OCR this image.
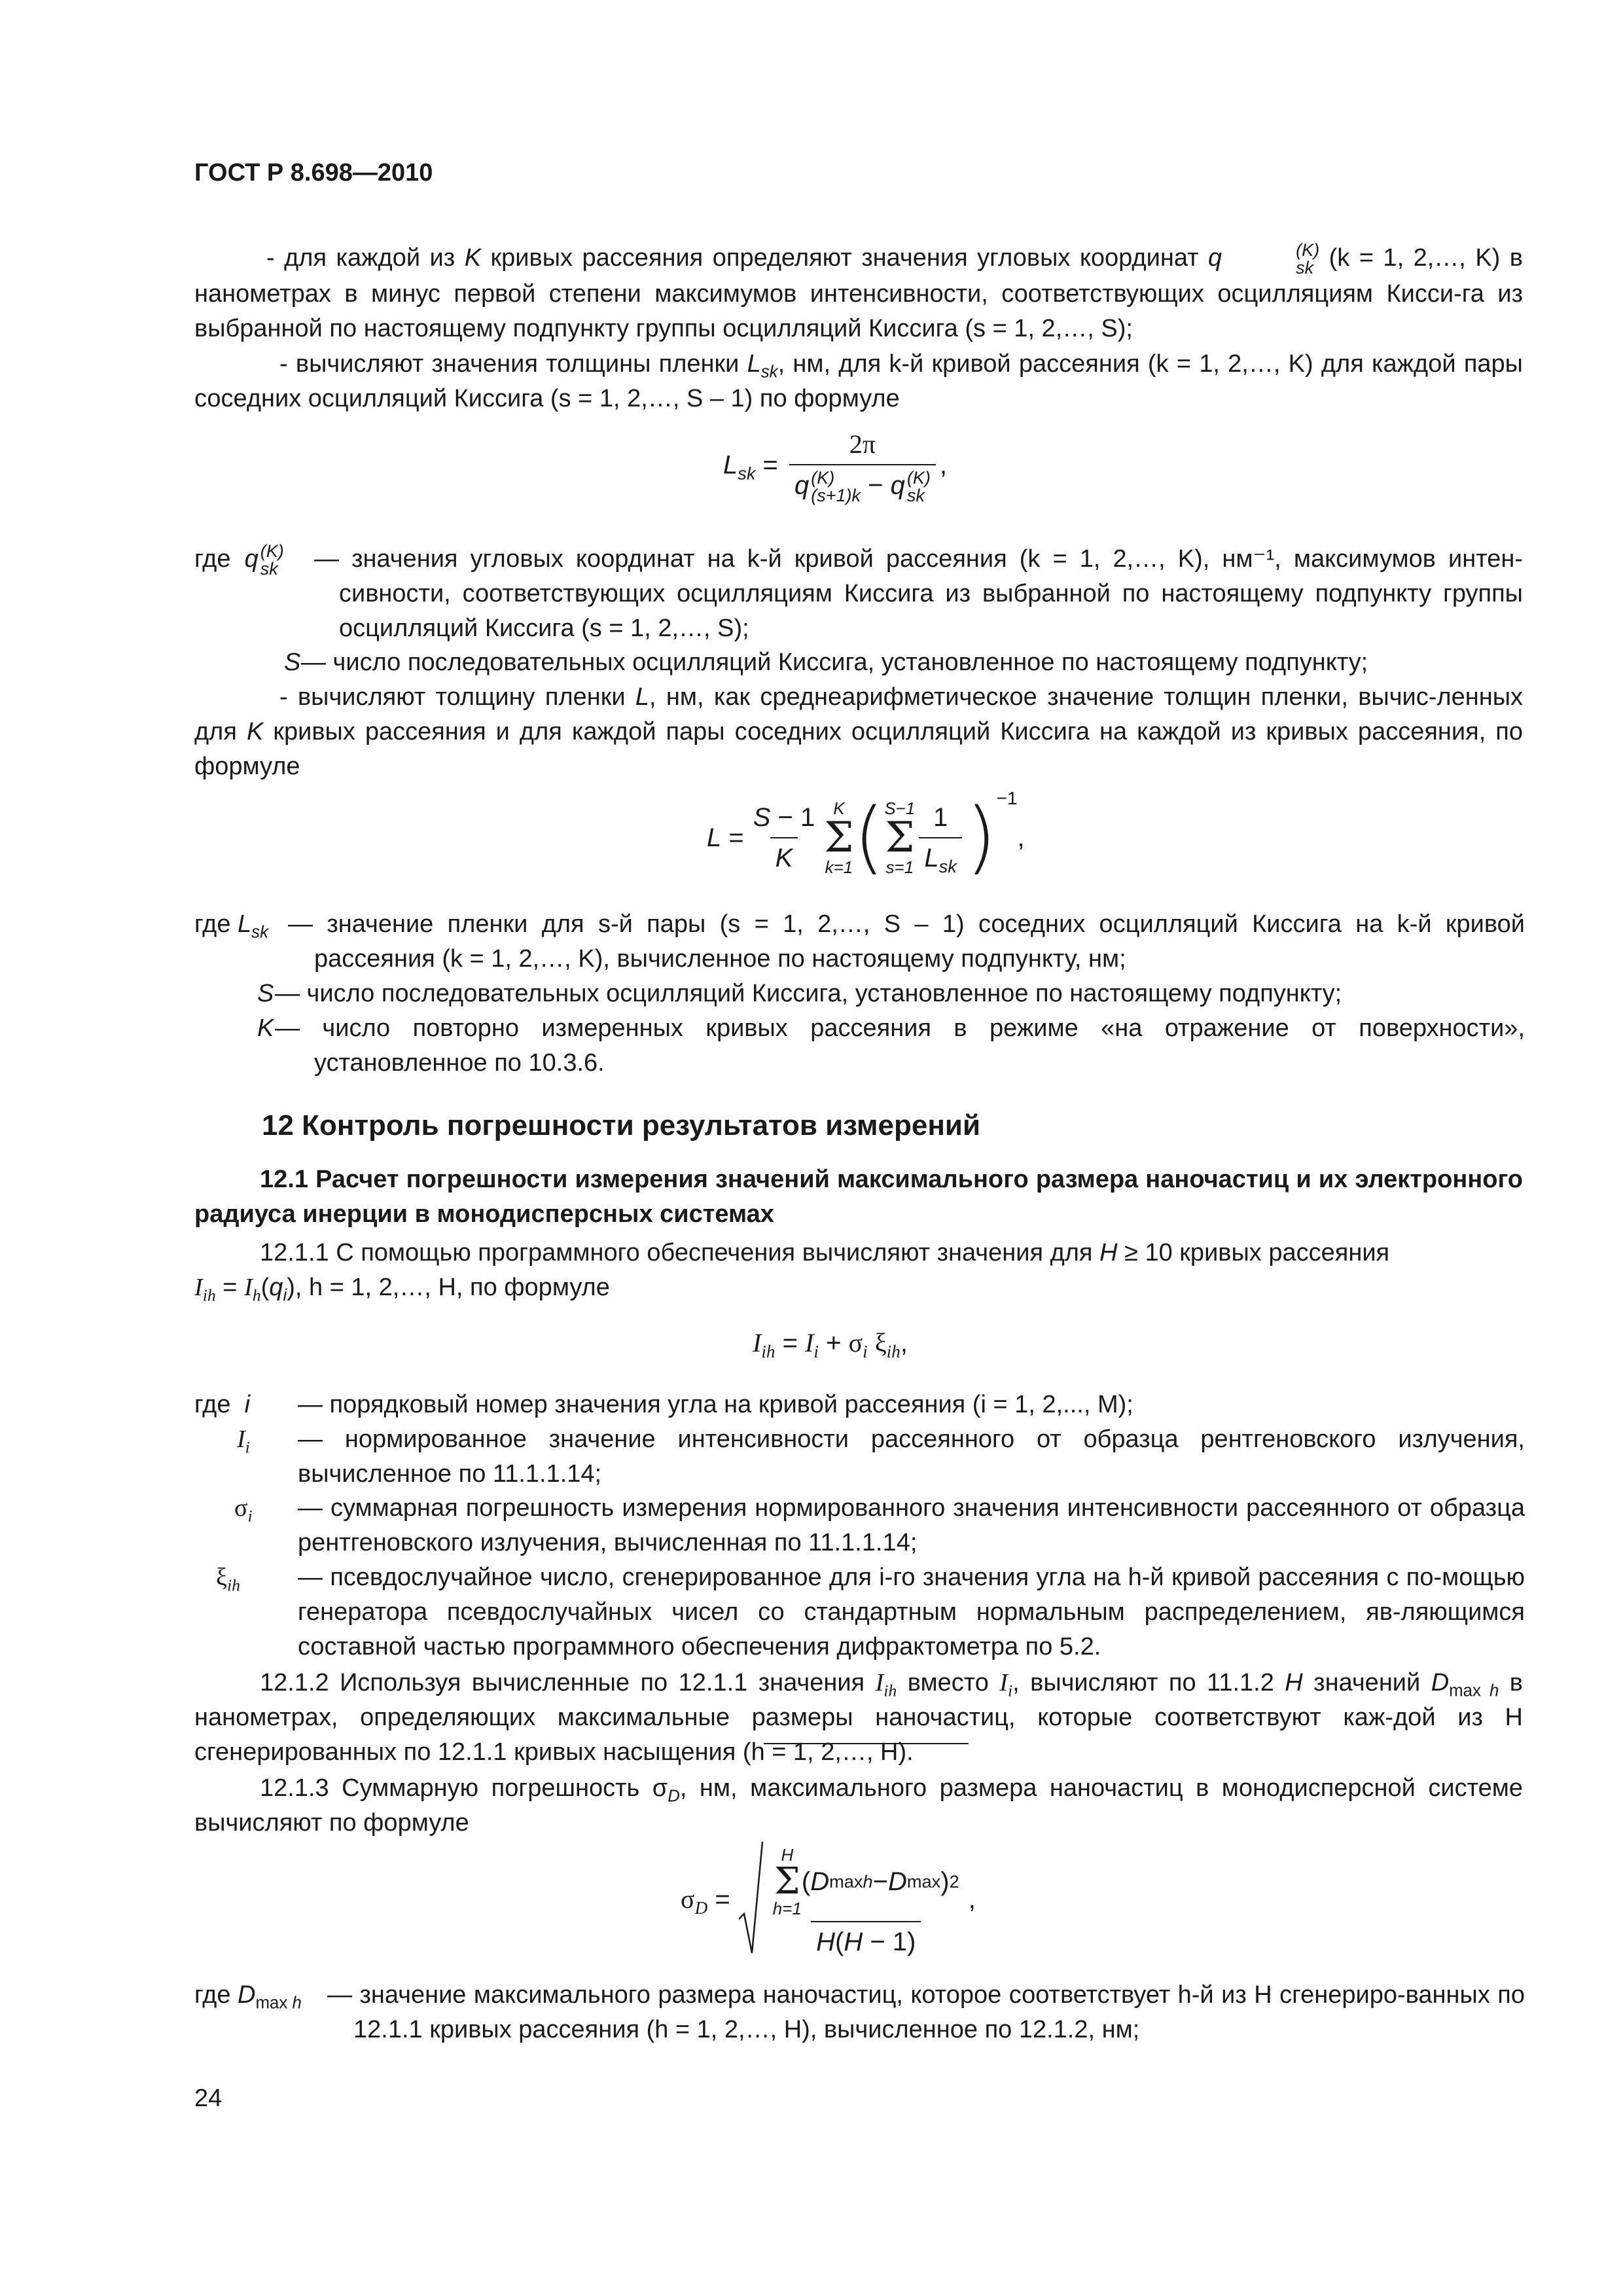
ГОСТ Р 8.698—2010

- для каждой из K кривых рассеяния определяют значения угловых координат q	(K)
sk (k = 1, 2,…, K) в нанометрах в минус первой степени максимумов интенсивности, соответствующих осцилляциям Кисси-га из выбранной по настоящему подпункту группы осцилляций Киссига (s = 1, 2,…, S);

- вычисляют значения толщины пленки $L_{sk}$, нм, для k-й кривой рассеяния (k = 1, 2,…, K) для каждой пары соседних осцилляций Киссига (s = 1, 2,…, S – 1) по формуле

$L_{sk} = 2\pi$
q (K)
(s+1)k − q (K)
sk ,
где q (K)
sk — значения угловых координат на k-й кривой рассеяния (k = 1, 2,…, K), нм⁻¹, максимумов интен-сивности, соответствующих осцилляциям Киссига из выбранной по настоящему подпункту группы осцилляций Киссига (s = 1, 2,…, S);

S — число последовательных осцилляций Киссига, установленное по настоящему подпункту;

- вычисляют толщину пленки L, нм, как среднеарифметическое значение толщин пленки, вычис-ленных для K кривых рассеяния и для каждой пары соседних осцилляций Киссига на каждой из кривых рассеяния, по формуле

$L = \frac{S - 1}{K}$ K
Σ
k=1 ( S−1
Σ
$s=1 \frac{1}{L_{sk}} )^{-1}$
,
где $L_{sk}$ — значение пленки для s-й пары (s = 1, 2,…, S – 1) соседних осцилляций Киссига на k-й кривой рассеяния (k = 1, 2,…, K), вычисленное по настоящему подпункту, нм;

S — число последовательных осцилляций Киссига, установленное по настоящему подпункту;

K — число повторно измеренных кривых рассеяния в режиме «на отражение от поверхности», установленное по 10.3.6.

12 Контроль погрешности результатов измерений

12.1 Расчет погрешности измерения значений максимального размера наночастиц и их электронного радиуса инерции в монодисперсных системах

12.1.1 С помощью программного обеспечения вычисляют значения для H ≥ 10 кривых рассеяния
$I_{ih} = I_h(q_i)$, h = 1, 2,…, H, по формуле

$I_{ih} = I_i + \sigma_i$ $\xi_{ih}$,
где i — порядковый номер значения угла на кривой рассеяния (i = 1, 2,..., M);

$I_i$ — нормированное значение интенсивности рассеянного от образца рентгеновского излучения, вычисленное по 11.1.1.14;

$\sigma_i$ — суммарная погрешность измерения нормированного значения интенсивности рассеянного от образца рентгеновского излучения, вычисленная по 11.1.1.14;

$\xi_{ih}$ — псевдослучайное число, сгенерированное для i-го значения угла на h-й кривой рассеяния с по-мощью генератора псевдослучайных чисел со стандартным нормальным распределением, яв-ляющимся составной частью программного обеспечения дифрактометра по 5.2.

12.1.2 Используя вычисленные по 12.1.1 значения $I_{ih}$ вместо $I_i$, вычисляют по 11.1.2 H значений $D_{max h}$ в нанометрах, определяющих максимальные размеры наночастиц, которые соответствуют каж-дой из H сгенерированных по 12.1.1 кривых насыщения (h = 1, 2,…, H).

12.1.3 Суммарную погрешность $\sigma_D$, нм, максимального размера наночастиц в монодисперсной системе вычисляют по формуле

$\sigma_D = H$
Σ
h=1
( D maxh − D max ) 2
H(H − 1) ,
где $D_{max h}$ — значение максимального размера наночастиц, которое соответствует h-й из H сгенериро-ванных по 12.1.1 кривых рассеяния (h = 1, 2,…, H), вычисленное по 12.1.2, нм;

24
